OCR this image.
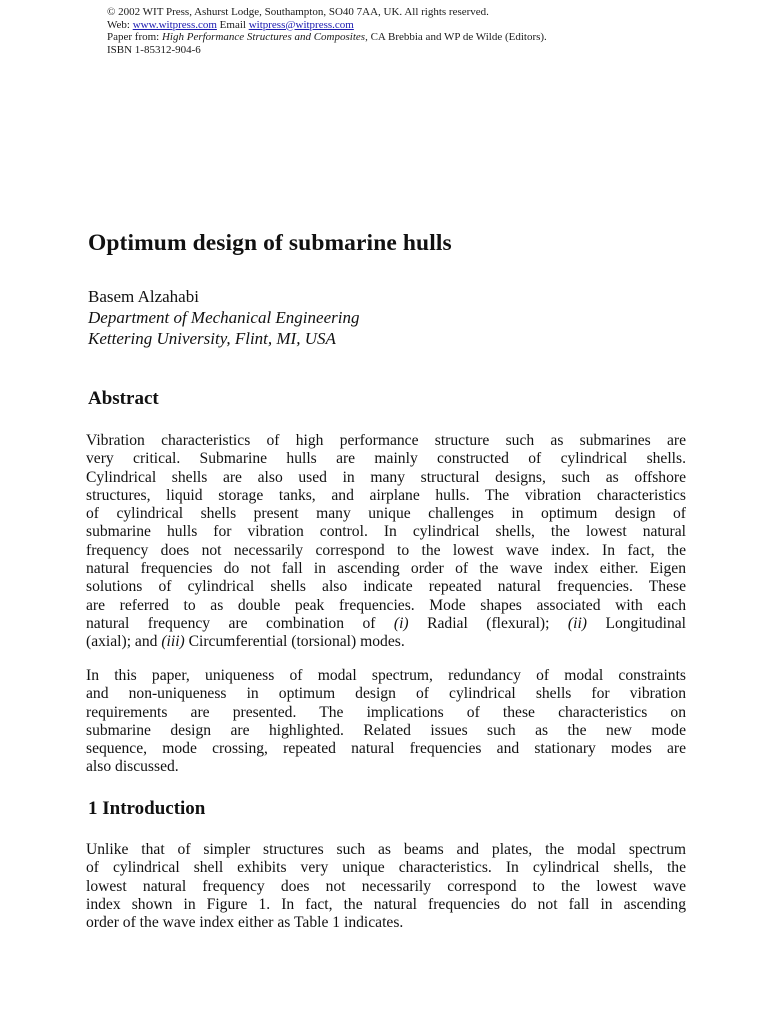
© 2002 WIT Press, Ashurst Lodge, Southampton, SO40 7AA, UK. All rights reserved.
Web: www.witpress.com Email witpress@witpress.com
Paper from: High Performance Structures and Composites, CA Brebbia and WP de Wilde (Editors).
ISBN 1-85312-904-6
Optimum design of submarine hulls
Basem Alzahabi
Department of Mechanical Engineering
Kettering University, Flint, MI, USA
Abstract
Vibration characteristics of high performance structure such as submarines are
very critical. Submarine hulls are mainly constructed of cylindrical shells.
Cylindrical shells are also used in many structural designs, such as offshore
structures, liquid storage tanks, and airplane hulls. The vibration characteristics
of cylindrical shells present many unique challenges in optimum design of
submarine hulls for vibration control. In cylindrical shells, the lowest natural
frequency does not necessarily correspond to the lowest wave index. In fact, the
natural frequencies do not fall in ascending order of the wave index either. Eigen
solutions of cylindrical shells also indicate repeated natural frequencies. These
are referred to as double peak frequencies. Mode shapes associated with each
natural frequency are combination of (i) Radial (flexural); (ii) Longitudinal
(axial); and (iii) Circumferential (torsional) modes.
In this paper, uniqueness of modal spectrum, redundancy of modal constraints
and non-uniqueness in optimum design of cylindrical shells for vibration
requirements are presented. The implications of these characteristics on
submarine design are highlighted. Related issues such as the new mode
sequence, mode crossing, repeated natural frequencies and stationary modes are
also discussed.
1 Introduction
Unlike that of simpler structures such as beams and plates, the modal spectrum
of cylindrical shell exhibits very unique characteristics. In cylindrical shells, the
lowest natural frequency does not necessarily correspond to the lowest wave
index shown in Figure 1. In fact, the natural frequencies do not fall in ascending
order of the wave index either as Table 1 indicates.
